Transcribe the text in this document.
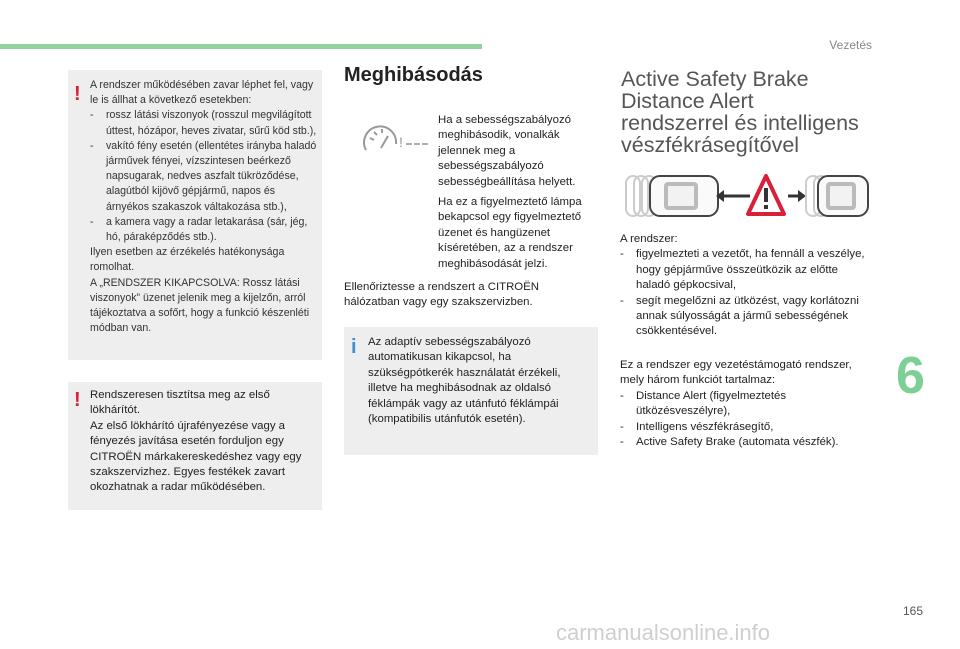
Vezetés
! A rendszer működésében zavar léphet fel, vagy le is állhat a következő esetekben:

-	rossz látási viszonyok (rosszul megvilágított úttest, hózápor, heves zivatar, sűrű köd stb.),
-	vakító fény esetén (ellentétes irányba haladó járművek fényei, vízszintesen beérkező napsugarak, nedves aszfalt tükröződése, alagútból kijövő gépjármű, napos és árnyékos szakaszok váltakozása stb.),
-	a kamera vagy a radar letakarása (sár, jég, hó, páraképződés stb.).

Ilyen esetben az érzékelés hatékonysága romolhat.

A „RENDSZER KIKAPCSOLVA: Rossz látási viszonyok” üzenet jelenik meg a kijelzőn, arról tájékoztatva a sofőrt, hogy a funkció készenléti módban van.

! Rendszeresen tisztítsa meg az első lökhárítót.

Az első lökhárító újrafényezése vagy a fényezés javítása esetén forduljon egy CITROËN márkakereskedéshez vagy egy szakszervizhez. Egyes festékek zavart okozhatnak a radar működésében.

Meghibásodás
!

Ha a sebességszabályozó meghibásodik, vonalkák jelennek meg a sebességszabályozó sebességbeállítása helyett.

Ha ez a figyelmeztető lámpa bekapcsol egy figyelmeztető üzenet és hangüzenet kíséretében, az a rendszer meghibásodását jelzi.

Ellenőriztesse a rendszert a CITROËN hálózatban vagy egy szakszervizben.

i Az adaptív sebességszabályozó automatikusan kikapcsol, ha szükségpótkerék használatát érzékeli, illetve ha meghibásodnak az oldalsó féklámpák vagy az utánfutó féklámpái (kompatibilis utánfutók esetén).

Active Safety Brake
Distance Alert
rendszerrel és intelligens
vészfékrásegítővel

A rendszer:

-	figyelmezteti a vezetőt, ha fennáll a veszélye, hogy gépjárműve összeütközik az előtte haladó gépkocsival,
-	segít megelőzni az ütközést, vagy korlátozni annak súlyosságát a jármű sebességének csökkentésével.

Ez a rendszer egy vezetéstámogató rendszer, mely három funkciót tartalmaz:

-	Distance Alert (figyelmeztetés ütközésveszélyre),
-	Intelligens vészfékrásegítő,
-	Active Safety Brake (automata vészfék).
6
165
carmanualsonline.info
